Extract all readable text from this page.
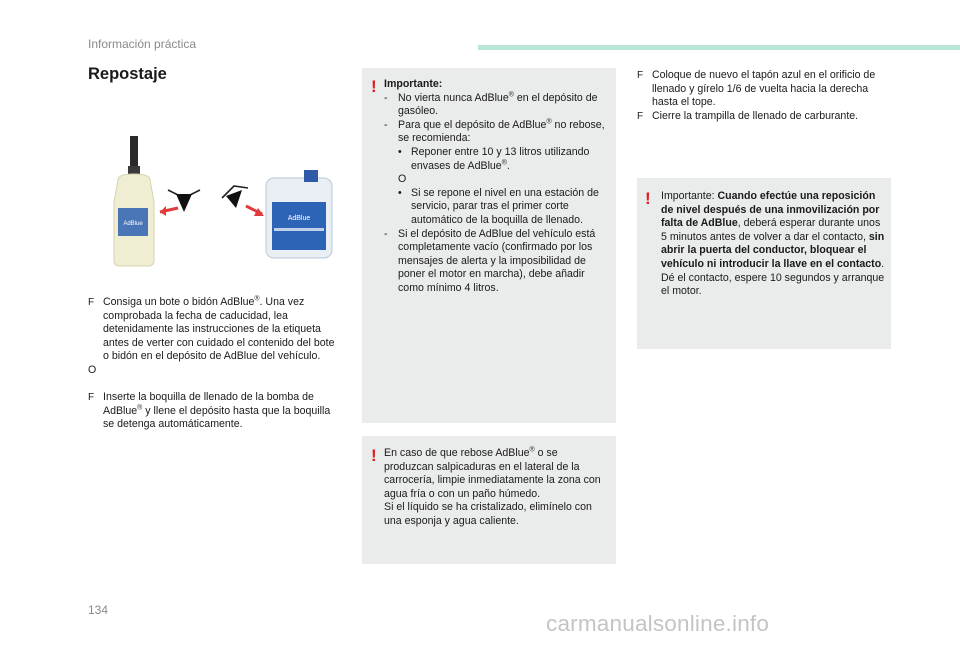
Información práctica
Repostaje
AdBlue
AdBlue
F Consiga un bote o bidón AdBlue®. Una vez comprobada la fecha de caducidad, lea detenidamente las instrucciones de la etiqueta antes de verter con cuidado el contenido del bote o bidón en el depósito de AdBlue del vehículo.
O
F Inserte la boquilla de llenado de la bomba de AdBlue® y llene el depósito hasta que la boquilla se detenga automáticamente.
! Importante:
- No vierta nunca AdBlue® en el depósito de gasóleo.
- Para que el depósito de AdBlue® no rebose, se recomienda:
• Reponer entre 10 y 13 litros utilizando envases de AdBlue®.
O
• Si se repone el nivel en una estación de servicio, parar tras el primer corte automático de la boquilla de llenado.
- Si el depósito de AdBlue del vehículo está completamente vacío (confirmado por los mensajes de alerta y la imposibilidad de poner el motor en marcha), debe añadir como mínimo 4 litros.
! En caso de que rebose AdBlue® o se produzcan salpicaduras en el lateral de la carrocería, limpie inmediatamente la zona con agua fría o con un paño húmedo.
Si el líquido se ha cristalizado, elimínelo con una esponja y agua caliente.
F Coloque de nuevo el tapón azul en el orificio de llenado y gírelo 1/6 de vuelta hacia la derecha hasta el tope.
F Cierre la trampilla de llenado de carburante.
! Importante: Cuando efectúe una reposición de nivel después de una inmovilización por falta de AdBlue, deberá esperar durante unos 5 minutos antes de volver a dar el contacto, sin abrir la puerta del conductor, bloquear el vehículo ni introducir la llave en el contacto.
Dé el contacto, espere 10 segundos y arranque el motor.
134
carmanualsonline.info
